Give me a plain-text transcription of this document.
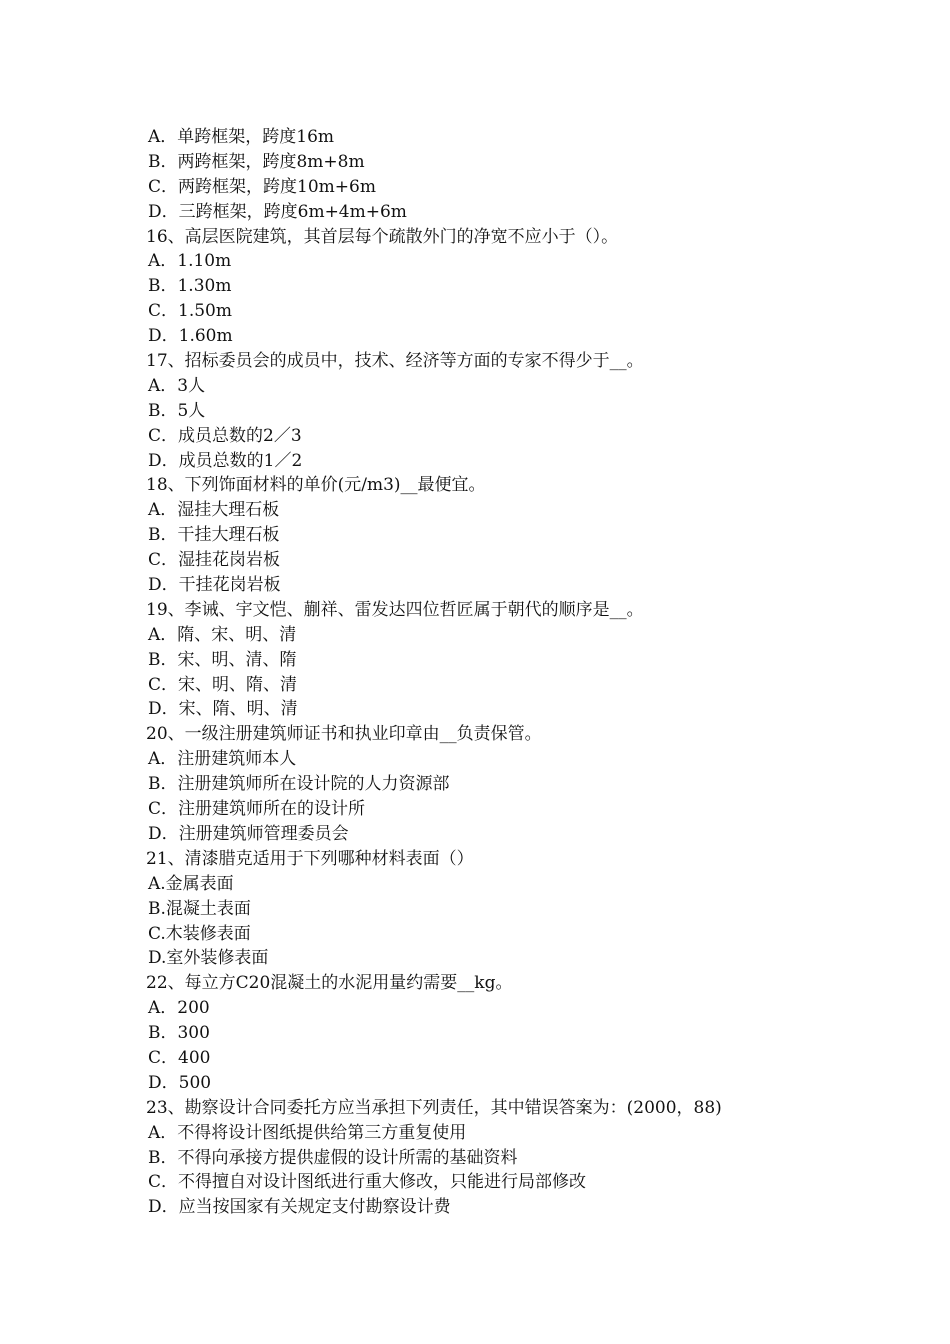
A．单跨框架，跨度16m
B．两跨框架，跨度8m+8m
C．两跨框架，跨度10m+6m
D．三跨框架，跨度6m+4m+6m
16、高层医院建筑，其首层每个疏散外门的净宽不应小于（）。
A．1.10m
B．1.30m
C．1.50m
D．1.60m
17、招标委员会的成员中，技术、经济等方面的专家不得少于__。
A．3人
B．5人
C．成员总数的2／3
D．成员总数的1／2
18、下列饰面材料的单价(元/m3)__最便宜。
A．湿挂大理石板
B．干挂大理石板
C．湿挂花岗岩板
D．干挂花岗岩板
19、李诫、宇文恺、蒯祥、雷发达四位哲匠属于朝代的顺序是__。
A．隋、宋、明、清
B．宋、明、清、隋
C．宋、明、隋、清
D．宋、隋、明、清
20、一级注册建筑师证书和执业印章由__负责保管。
A．注册建筑师本人
B．注册建筑师所在设计院的人力资源部
C．注册建筑师所在的设计所
D．注册建筑师管理委员会
21、清漆腊克适用于下列哪种材料表面（）
A.金属表面
B.混凝土表面
C.木装修表面
D.室外装修表面
22、每立方C20混凝土的水泥用量约需要__kg。
A．200
B．300
C．400
D．500
23、勘察设计合同委托方应当承担下列责任，其中错误答案为：(2000，88)
A．不得将设计图纸提供给第三方重复使用
B．不得向承接方提供虚假的设计所需的基础资料
C．不得擅自对设计图纸进行重大修改，只能进行局部修改
D．应当按国家有关规定支付勘察设计费
